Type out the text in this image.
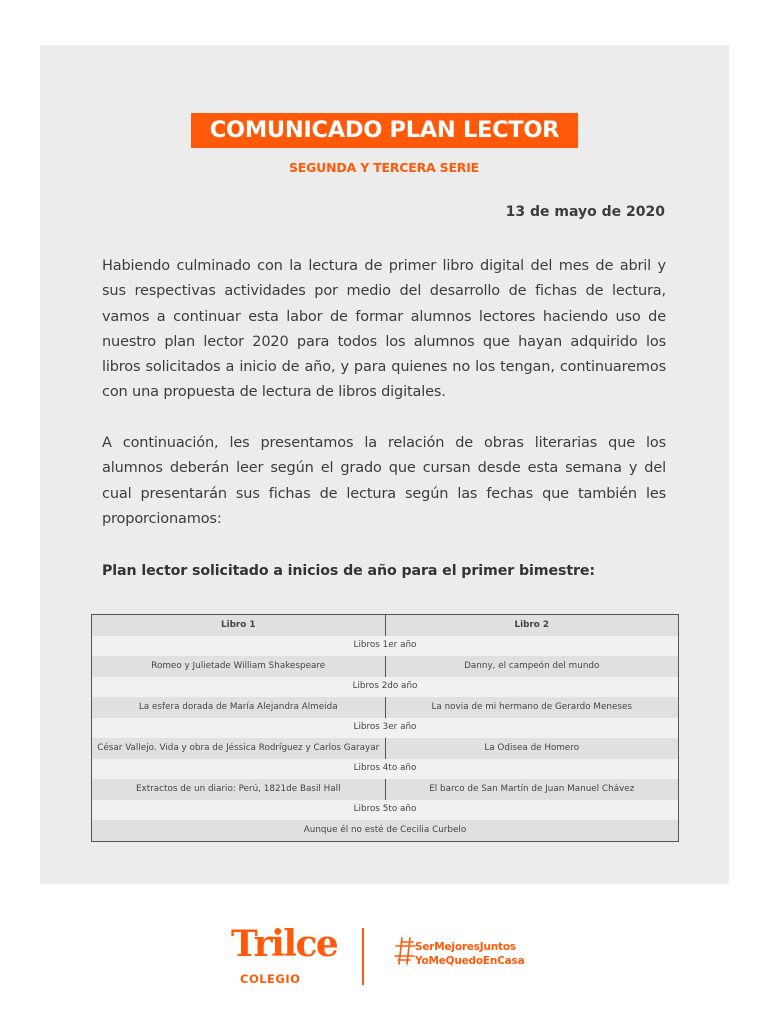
COMUNICADO PLAN LECTOR
SEGUNDA Y TERCERA SERIE
13 de mayo de 2020
Habiendo culminado con la lectura de primer libro digital del mes de abril y sus respectivas actividades por medio del desarrollo de fichas de lectura, vamos a continuar esta labor de formar alumnos lectores haciendo uso de nuestro plan lector 2020 para todos los alumnos que hayan adquirido los libros solicitados a inicio de año, y para quienes no los tengan, continuaremos con una propuesta de lectura de libros digitales.
A continuación, les presentamos la relación de obras literarias que los alumnos deberán leer según el grado que cursan desde esta semana y del cual presentarán sus fichas de lectura según las fechas que también les proporcionamos:
Plan lector solicitado a inicios de año para el primer bimestre:
Libro 1	Libro 2
Libros 1er año	
Romeo y Julietade William Shakespeare	Danny, el campeón del mundo
Libros 2do año	
La esfera dorada de María Alejandra Almeida	La novia de mi hermano de Gerardo Meneses
Libros 3er año	
César Vallejo. Vida y obra de Jéssica Rodríguez y Carlos Garayar	La Odisea de Homero
Libros 4to año	
Extractos de un diario: Perú, 1821de Basil Hall	El barco de San Martín de Juan Manuel Chávez
Libros 5to año	
Aunque él no esté de Cecilia Curbelo	
Trilce
COLEGIO
SerMejoresJuntos
YoMeQuedoEnCasa
